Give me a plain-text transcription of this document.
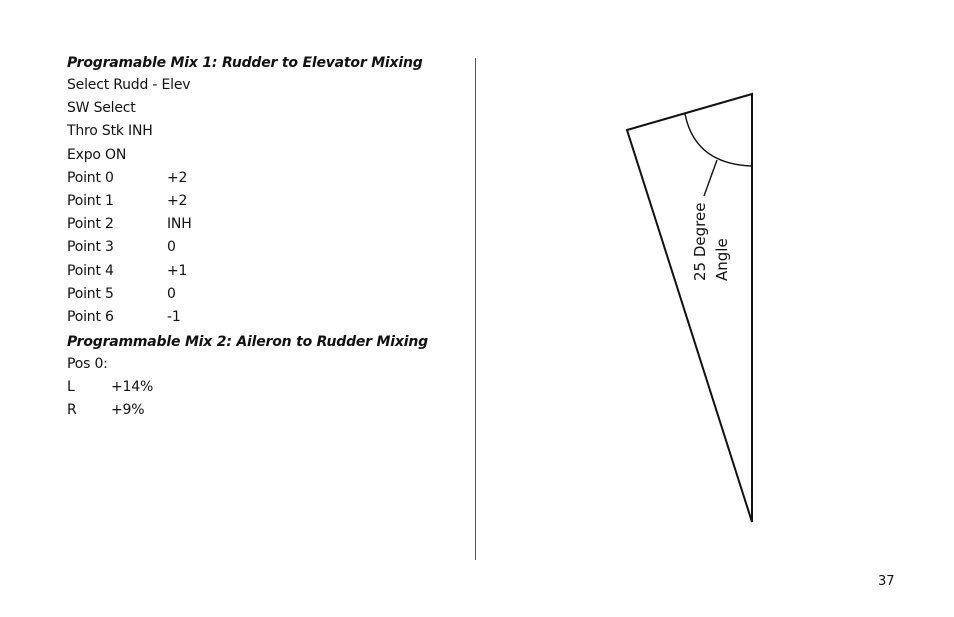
Programable Mix 1: Rudder to Elevator Mixing
Select Rudd - Elev
SW Select
Thro Stk INH
Expo ON
Point 0	+2
Point 1	+2
Point 2	INH
Point 3	0
Point 4	+1
Point 5	0
Point 6	-1
Programmable Mix 2: Aileron to Rudder Mixing
Pos 0:
L	+14%
R	+9%
25 Degree Angle
37
